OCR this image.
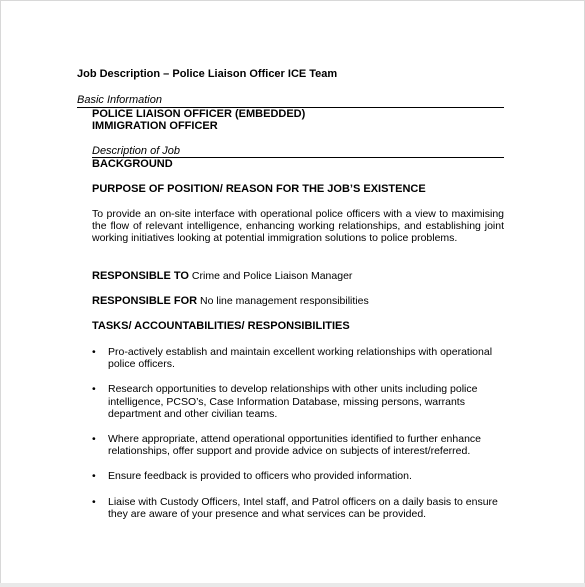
Job Description – Police Liaison Officer ICE Team
Basic Information
POLICE LIAISON OFFICER (EMBEDDED)
IMMIGRATION OFFICER
Description of Job
BACKGROUND
PURPOSE OF POSITION/ REASON FOR THE JOB’S EXISTENCE
To provide an on-site interface with operational police officers with a view to maximising the flow of relevant intelligence, enhancing working relationships, and establishing joint working initiatives looking at potential immigration solutions to police problems.
RESPONSIBLE TO Crime and Police Liaison Manager
RESPONSIBLE FOR No line management responsibilities
TASKS/ ACCOUNTABILITIES/ RESPONSIBILITIES
• Pro-actively establish and maintain excellent working relationships with operational police officers.
• Research opportunities to develop relationships with other units including police intelligence, PCSO’s, Case Information Database, missing persons, warrants department and other civilian teams.
• Where appropriate, attend operational opportunities identified to further enhance relationships, offer support and provide advice on subjects of interest/referred.
• Ensure feedback is provided to officers who provided information.
• Liaise with Custody Officers, Intel staff, and Patrol officers on a daily basis to ensure they are aware of your presence and what services can be provided.
